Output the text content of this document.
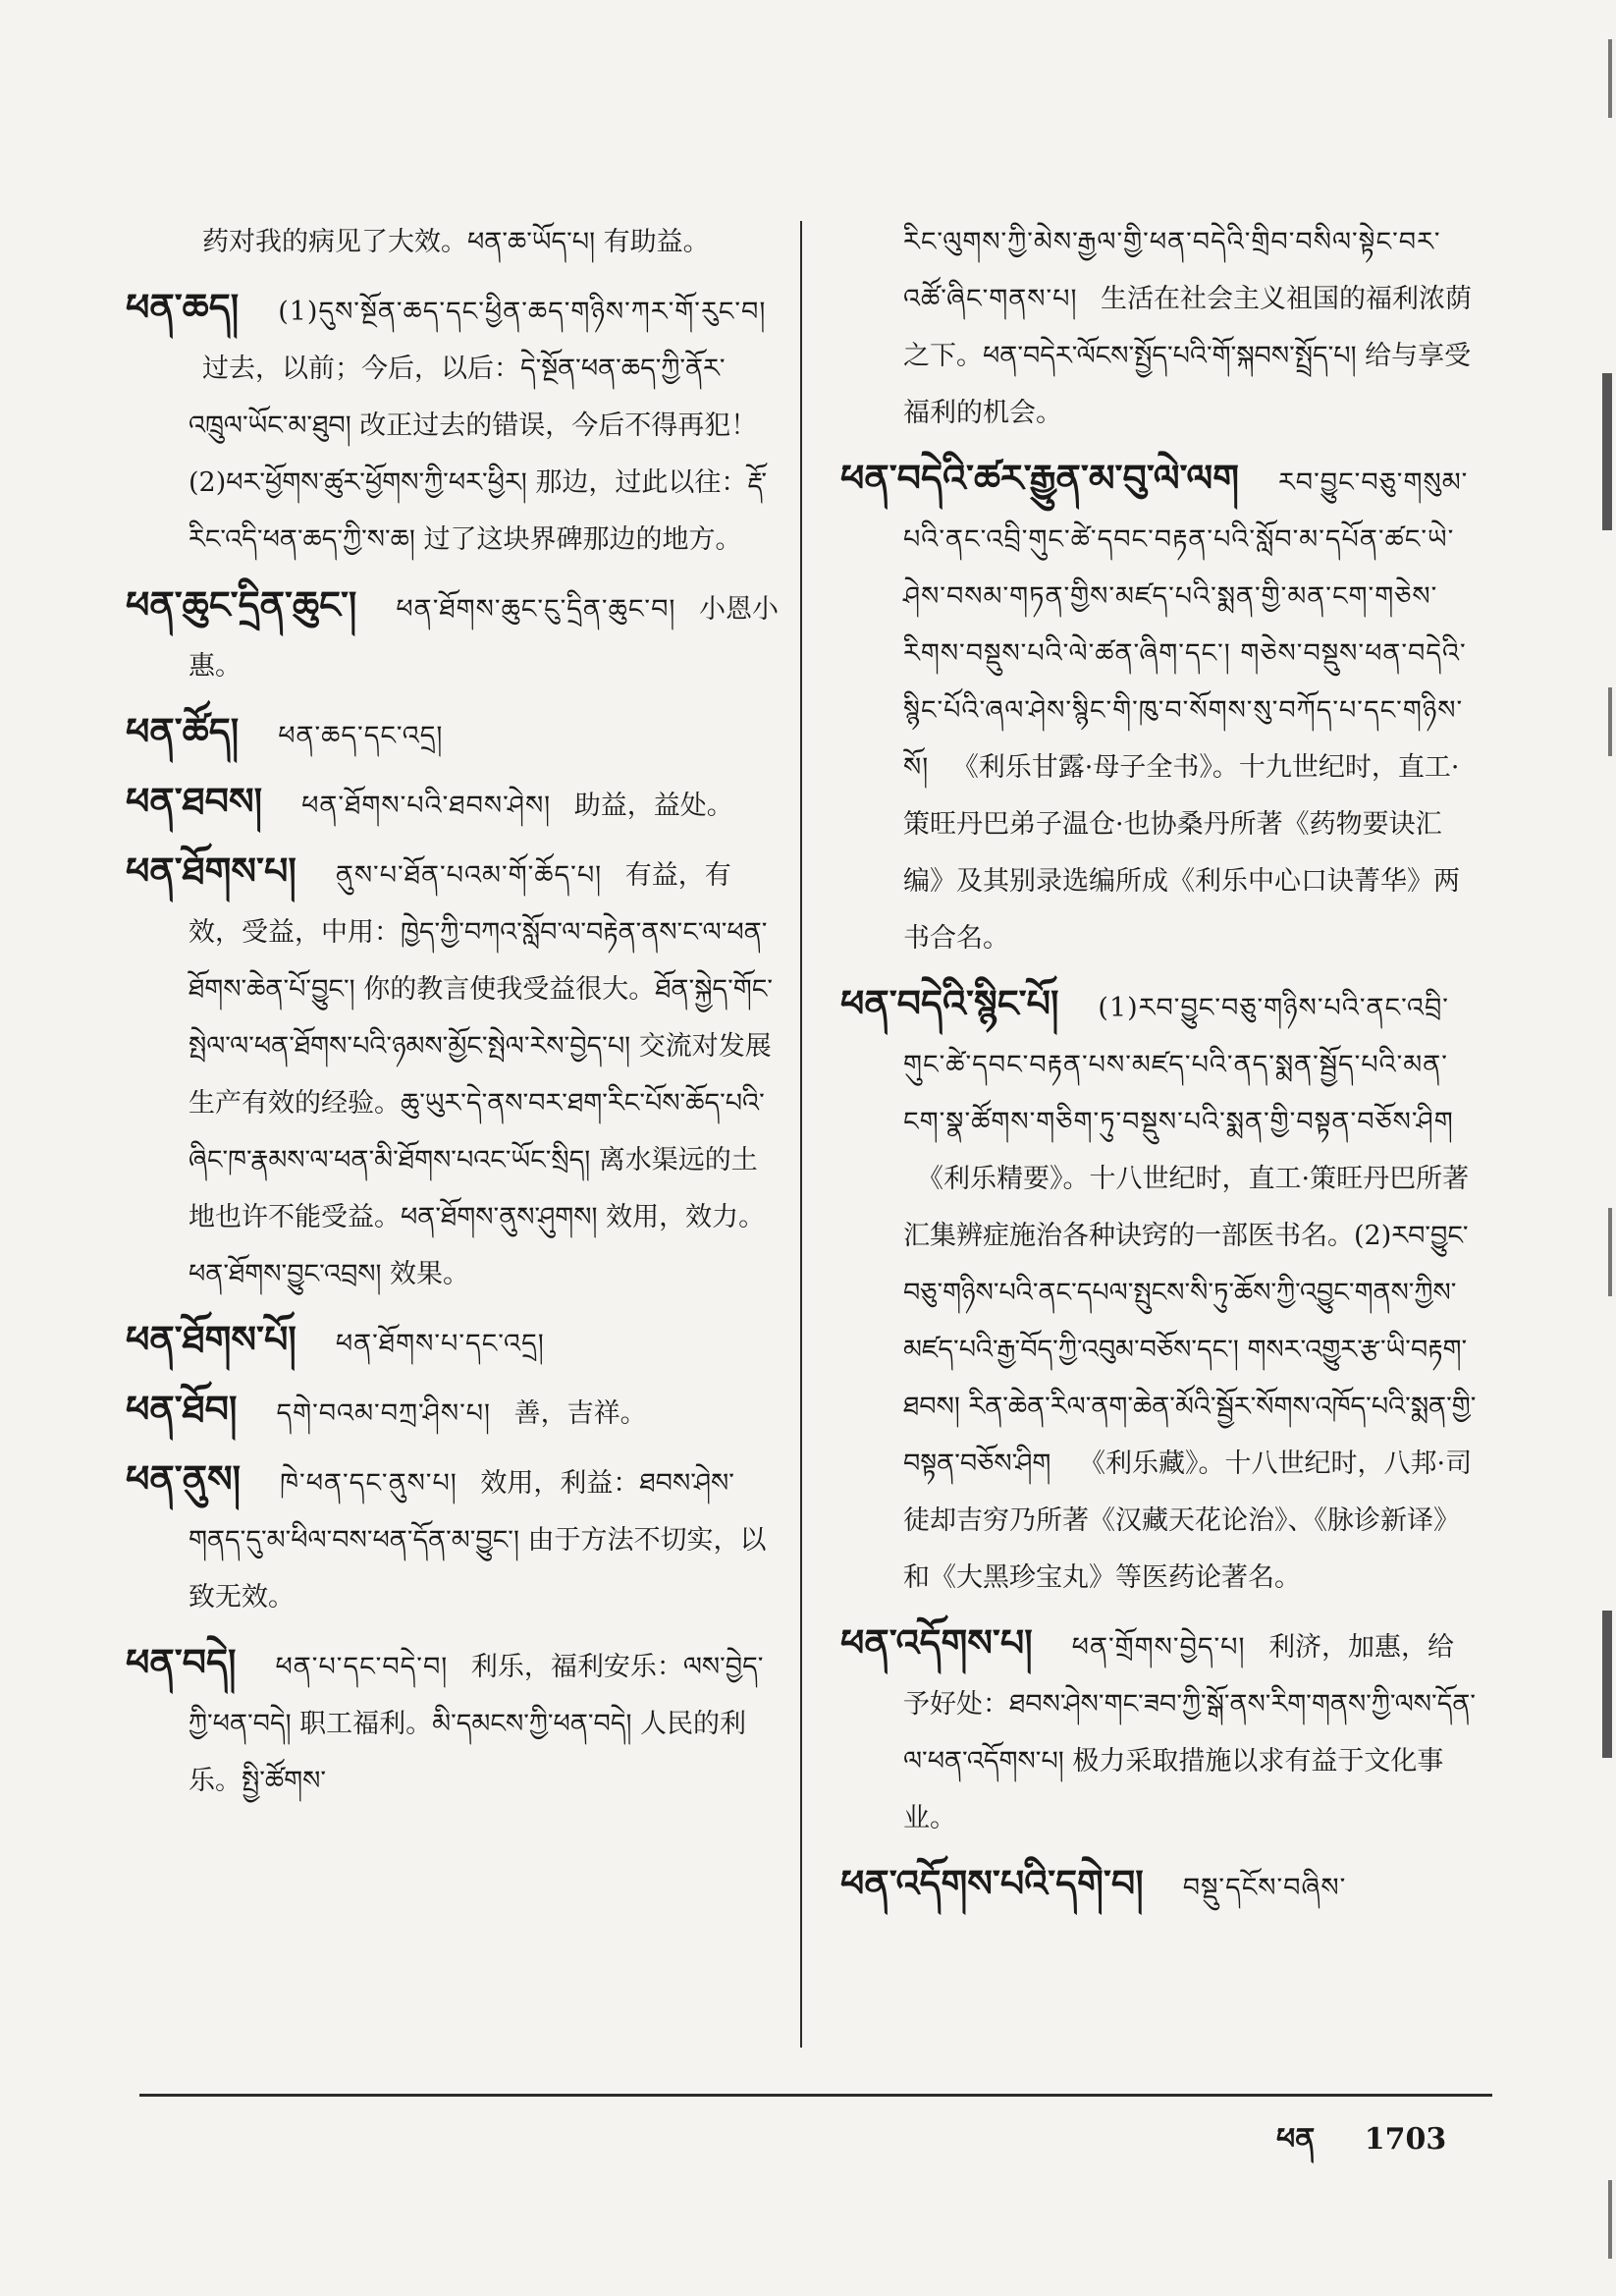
药对我的病见了大效。ཕན་ཆ་ཡོད་པ། 有助益。
ཕན་ཆད། (1)དུས་སྔོན་ཆད་དང་ཕྱིན་ཆད་གཉིས་ཀར་གོ་རུང་བ། 过去，以前；今后，以后：དེ་སྔོན་ཕན་ཆད་ཀྱི་ནོར་འཁྲུལ་ཡོང་མ་ཐུབ། 改正过去的错误，今后不得再犯！(2)ཕར་ཕྱོགས་ཚུར་ཕྱོགས་ཀྱི་ཕར་ཕྱིར། 那边，过此以往：རྡོ་རིང་འདི་ཕན་ཆད་ཀྱི་ས་ཆ། 过了这块界碑那边的地方。
ཕན་ཆུང་དྲིན་ཆུང་། ཕན་ཐོགས་ཆུང་ངུ་དྲིན་ཆུང་བ། 小恩小惠。
ཕན་ཚོད། ཕན་ཆད་དང་འདྲ།
ཕན་ཐབས། ཕན་ཐོགས་པའི་ཐབས་ཤེས། 助益，益处。
ཕན་ཐོགས་པ། ནུས་པ་ཐོན་པའམ་གོ་ཆོད་པ། 有益，有效，受益，中用：ཁྱེད་ཀྱི་བཀའ་སློབ་ལ་བརྟེན་ནས་ང་ལ་ཕན་ཐོགས་ཆེན་པོ་བྱུང་། 你的教言使我受益很大。ཐོན་སྐྱེད་གོང་སྤེལ་ལ་ཕན་ཐོགས་པའི་ཉམས་མྱོང་སྤེལ་རེས་བྱེད་པ། 交流对发展生产有效的经验。ཆུ་ཡུར་དེ་ནས་བར་ཐག་རིང་པོས་ཆོད་པའི་ཞིང་ཁ་རྣམས་ལ་ཕན་མི་ཐོགས་པའང་ཡོང་སྲིད། 离水渠远的土地也许不能受益。ཕན་ཐོགས་ནུས་ཤུགས། 效用，效力。ཕན་ཐོགས་བྱུང་འབྲས། 效果。
ཕན་ཐོགས་པོ། ཕན་ཐོགས་པ་དང་འདྲ།
ཕན་ཐོབ། དགེ་བའམ་བཀྲ་ཤིས་པ། 善，吉祥。
ཕན་ནུས། ཁེ་ཕན་དང་ནུས་པ། 效用，利益：ཐབས་ཤེས་གནད་དུ་མ་ཕིལ་བས་ཕན་དོན་མ་བྱུང་། 由于方法不切实，以致无效。
ཕན་བདེ། ཕན་པ་དང་བདེ་བ། 利乐，福利安乐：ལས་བྱེད་ཀྱི་ཕན་བདེ། 职工福利。མི་དམངས་ཀྱི་ཕན་བདེ། 人民的利乐。སྤྱི་ཚོགས་
རིང་ལུགས་ཀྱི་མེས་རྒྱལ་གྱི་ཕན་བདེའི་གྲིབ་བསིལ་སྟེང་བར་འཚོ་ཞིང་གནས་པ། 生活在社会主义祖国的福利浓荫之下。ཕན་བདེར་ལོངས་སྤྱོད་པའི་གོ་སྐབས་སྤྲོད་པ། 给与享受福利的机会。
ཕན་བདེའི་ཚར་རྒྱུན་མ་བུ་ལེ་ལག རབ་བྱུང་བཅུ་གསུམ་པའི་ནང་འབྲི་གུང་ཚེ་དབང་བརྟན་པའི་སློབ་མ་དཔོན་ཚང་ཡེ་ཤེས་བསམ་གཏན་གྱིས་མཛད་པའི་སྨན་གྱི་མན་ངག་གཅེས་རིགས་བསྡུས་པའི་ལེ་ཚན་ཞིག་དང་། གཅེས་བསྡུས་ཕན་བདེའི་སྙིང་པོའི་ཞལ་ཤེས་སྙིང་གི་ཁུ་བ་སོགས་སུ་བཀོད་པ་དང་གཉིས་སོ། 《利乐甘露·母子全书》。十九世纪时，直工·策旺丹巴弟子温仓·也协桑丹所著《药物要诀汇编》及其别录选编所成《利乐中心口诀菁华》两书合名。
ཕན་བདེའི་སྙིང་པོ། (1)རབ་བྱུང་བཅུ་གཉིས་པའི་ནང་འབྲི་གུང་ཚེ་དབང་བརྟན་པས་མཛད་པའི་ནད་སྨན་སྦྱོད་པའི་མན་ངག་སྣ་ཚོགས་གཅིག་ཏུ་བསྡུས་པའི་སྨན་གྱི་བསྟན་བཅོས་ཤིག 《利乐精要》。十八世纪时，直工·策旺丹巴所著汇集辨症施治各种诀窍的一部医书名。(2)རབ་བྱུང་བཅུ་གཉིས་པའི་ནང་དཔལ་སྤུངས་སི་ཏུ་ཆོས་ཀྱི་འབྱུང་གནས་ཀྱིས་མཛད་པའི་རྒྱ་བོད་ཀྱི་འབུམ་བཅོས་དང་། གསར་འགྱུར་རྩ་ཡི་བརྟག་ཐབས། རིན་ཆེན་རིལ་ནག་ཆེན་མོའི་སྦྱོར་སོགས་འཁོད་པའི་སྨན་གྱི་བསྟན་བཅོས་ཤིག 《利乐藏》。十八世纪时，八邦·司徒却吉穷乃所著《汉藏天花论治》、《脉诊新译》和《大黑珍宝丸》等医药论著名。
ཕན་འདོགས་པ། ཕན་གྲོགས་བྱེད་པ། 利济，加惠，给予好处：ཐབས་ཤེས་གང་ཟབ་ཀྱི་སྒོ་ནས་རིག་གནས་ཀྱི་ལས་དོན་ལ་ཕན་འདོགས་པ། 极力采取措施以求有益于文化事业。
ཕན་འདོགས་པའི་དགེ་བ། བསྡུ་དངོས་བཞིས་
ཕན 1703
